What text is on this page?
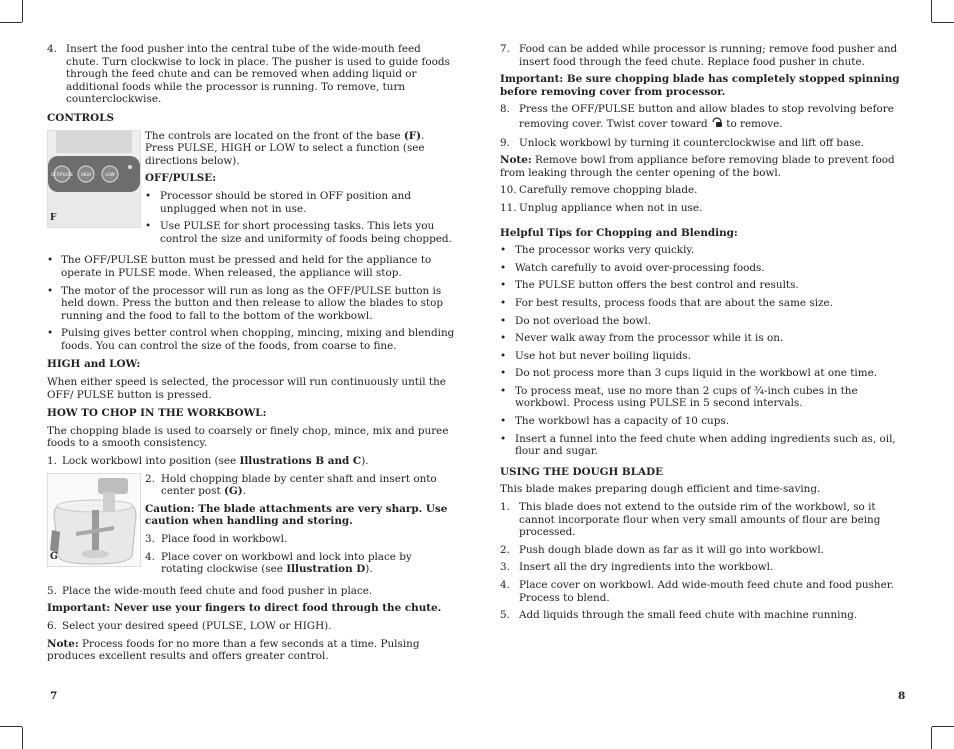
4. Insert the food pusher into the central tube of the wide-mouth feed chute. Turn clockwise to lock in place. The pusher is used to guide foods through the feed chute and can be removed when adding liquid or additional foods while the processor is running. To remove, turn counterclockwise.
CONTROLS
OFF/PULSE HIGH	LOW
F

The controls are located on the front of the base (F). Press PULSE, HIGH or LOW to select a function (see directions below).

OFF/PULSE:
• Processor should be stored in OFF position and unplugged when not in use.
• Use PULSE for short processing tasks. This lets you control the size and uniformity of foods being chopped.
• The OFF/PULSE button must be pressed and held for the appliance to operate in PULSE mode. When released, the appliance will stop.
• The motor of the processor will run as long as the OFF/PULSE button is held down. Press the button and then release to allow the blades to stop running and the food to fall to the bottom of the workbowl.
• Pulsing gives better control when chopping, mincing, mixing and blending foods. You can control the size of the foods, from coarse to fine.
HIGH and LOW:

When either speed is selected, the processor will run continuously until the OFF/ PULSE button is pressed.

HOW TO CHOP IN THE WORKBOWL:

The chopping blade is used to coarsely or finely chop, mince, mix and puree foods to a smooth consistency.

1. Lock workbowl into position (see Illustrations B and C).
G
2. Hold chopping blade by center shaft and insert onto center post (G).

Caution: The blade attachments are very sharp. Use caution when handling and storing.

3. Place food in workbowl.
4. Place cover on workbowl and lock into place by rotating clockwise (see Illustration D).
5. Place the wide-mouth feed chute and food pusher in place.

Important: Never use your fingers to direct food through the chute.

6. Select your desired speed (PULSE, LOW or HIGH).

Note: Process foods for no more than a few seconds at a time. Pulsing produces excellent results and offers greater control.

7
7. Food can be added while processor is running; remove food pusher and insert food through the feed chute. Replace food pusher in chute.

Important: Be sure chopping blade has completely stopped spinning before removing cover from processor.

8. Press the OFF/PULSE button and allow blades to stop revolving before removing cover. Twist cover toward  to remove.
9. Unlock workbowl by turning it counterclockwise and lift off base.

Note: Remove bowl from appliance before removing blade to prevent food from leaking through the center opening of the bowl.

10. Carefully remove chopping blade.
11. Unplug appliance when not in use.
Helpful Tips for Chopping and Blending:
• The processor works very quickly.
• Watch carefully to avoid over-processing foods.
• The PULSE button offers the best control and results.
• For best results, process foods that are about the same size.
• Do not overload the bowl.
• Never walk away from the processor while it is on.
• Use hot but never boiling liquids.
• Do not process more than 3 cups liquid in the workbowl at one time.
• To process meat, use no more than 2 cups of ¾-inch cubes in the workbowl. Process using PULSE in 5 second intervals.
• The workbowl has a capacity of 10 cups.
• Insert a funnel into the feed chute when adding ingredients such as, oil, flour and sugar.
USING THE DOUGH BLADE

This blade makes preparing dough efficient and time-saving.

1. This blade does not extend to the outside rim of the workbowl, so it cannot incorporate flour when very small amounts of flour are being processed.
2. Push dough blade down as far as it will go into workbowl.
3. Insert all the dry ingredients into the workbowl.
4. Place cover on workbowl. Add wide-mouth feed chute and food pusher. Process to blend.
5. Add liquids through the small feed chute with machine running.
8
